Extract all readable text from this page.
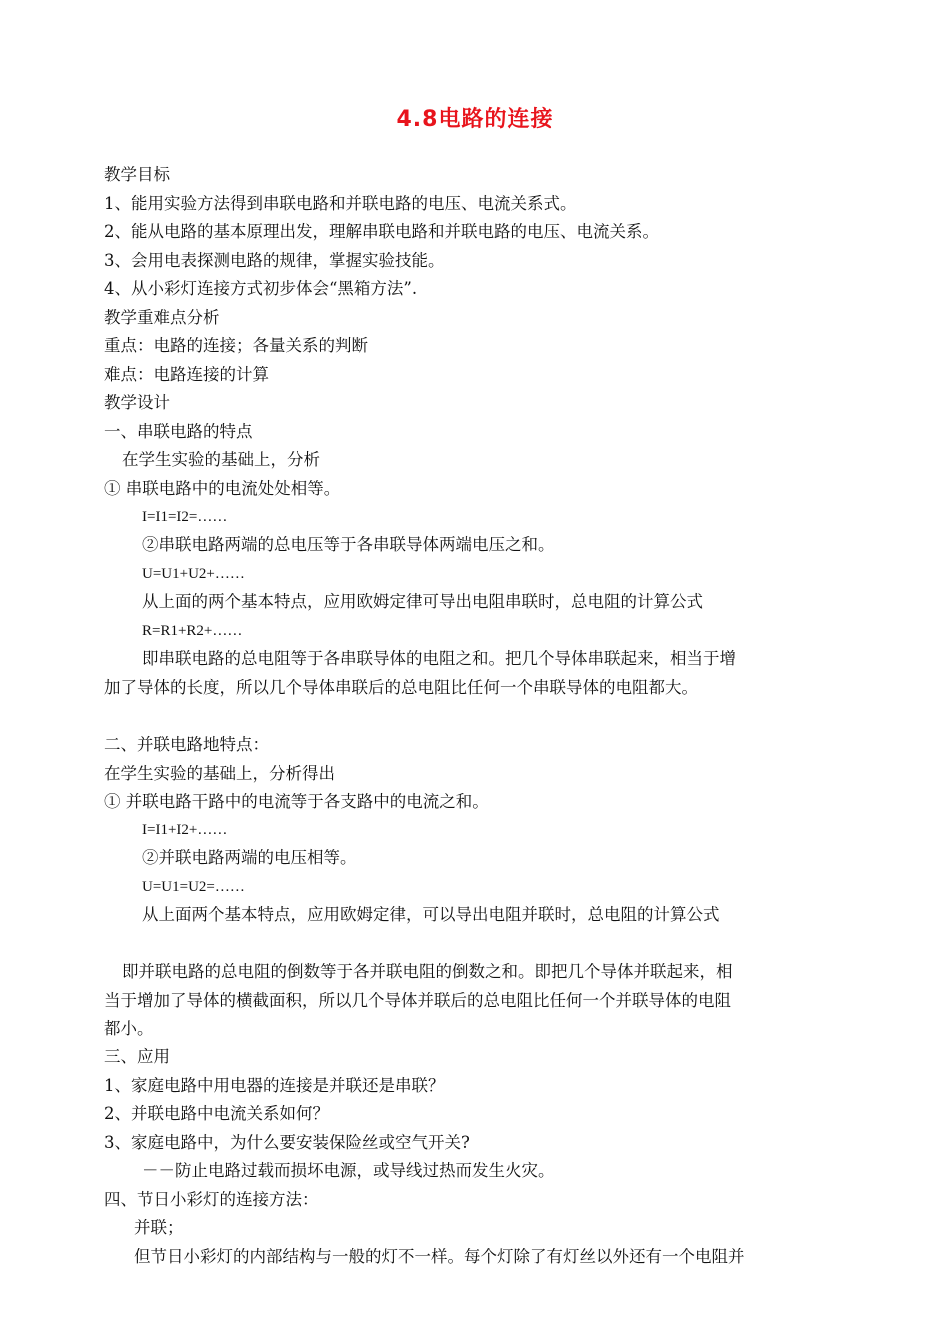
4.8电路的连接
教学目标
1、能用实验方法得到串联电路和并联电路的电压、电流关系式。
2、能从电路的基本原理出发，理解串联电路和并联电路的电压、电流关系。
3、会用电表探测电路的规律，掌握实验技能。
4、从小彩灯连接方式初步体会“黑箱方法”.
教学重难点分析
重点：电路的连接；各量关系的判断
难点：电路连接的计算
教学设计
一、串联电路的特点
在学生实验的基础上，分析
① 串联电路中的电流处处相等。
I=I1=I2=……
②串联电路两端的总电压等于各串联导体两端电压之和。
U=U1+U2+……
从上面的两个基本特点，应用欧姆定律可导出电阻串联时，总电阻的计算公式
R=R1+R2+……
即串联电路的总电阻等于各串联导体的电阻之和。把几个导体串联起来，相当于增
加了导体的长度，所以几个导体串联后的总电阻比任何一个串联导体的电阻都大。
二、并联电路地特点：
在学生实验的基础上，分析得出
① 并联电路干路中的电流等于各支路中的电流之和。
I=I1+I2+……
②并联电路两端的电压相等。
U=U1=U2=……
从上面两个基本特点，应用欧姆定律，可以导出电阻并联时，总电阻的计算公式
即并联电路的总电阻的倒数等于各并联电阻的倒数之和。即把几个导体并联起来，相
当于增加了导体的横截面积，所以几个导体并联后的总电阻比任何一个并联导体的电阻
都小。
三、应用
1、家庭电路中用电器的连接是并联还是串联？
2、并联电路中电流关系如何？
3、家庭电路中，为什么要安装保险丝或空气开关?
－－防止电路过载而损坏电源，或导线过热而发生火灾。
四、节日小彩灯的连接方法：
并联；
但节日小彩灯的内部结构与一般的灯不一样。每个灯除了有灯丝以外还有一个电阻并
